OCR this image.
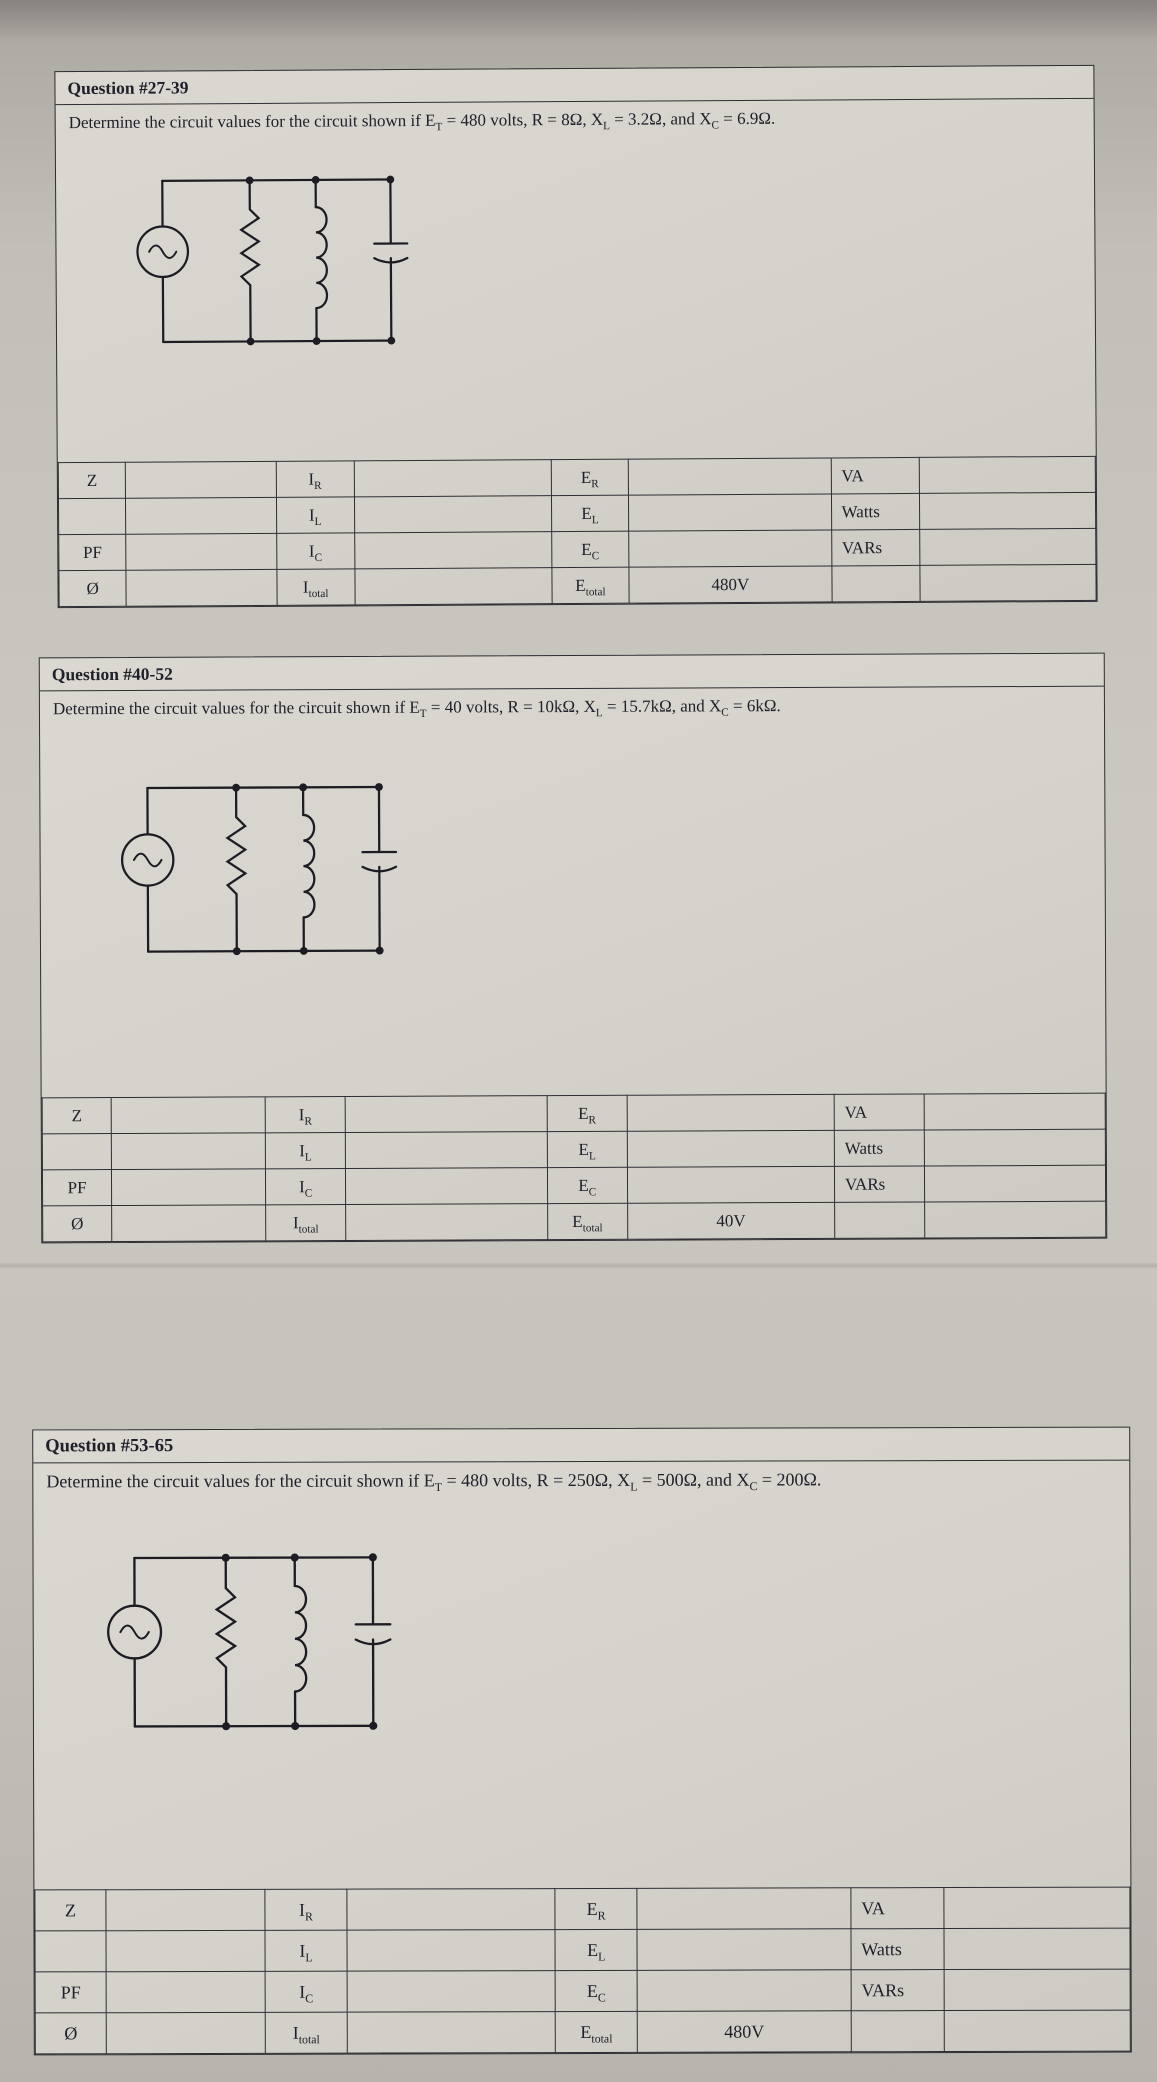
Question #27-39

Determine the circuit values for the circuit shown if $E_T = 480$ volts, R = 8Ω, $X_L = 3.2\Omega$, and $X_C = 6.9\Omega$.

Z		$I_R$		$E_R$		VA	
		$I_L$		$E_L$		Watts	
PF		$I_C$		$E_C$		VARs	
Ø		$I_{total}$		$E_{total}$	480V		
Question #40-52

Determine the circuit values for the circuit shown if $E_T = 40$ volts, R = 10kΩ, $X_L = 15.7k\Omega$, and $X_C = 6k\Omega$.

Z		$I_R$		$E_R$		VA	
		$I_L$		$E_L$		Watts	
PF		$I_C$		$E_C$		VARs	
Ø		$I_{total}$		$E_{total}$	40V		
Question #53-65

Determine the circuit values for the circuit shown if $E_T = 480$ volts, R = 250Ω, $X_L = 500\Omega$, and $X_C = 200\Omega$.

Z		$I_R$		$E_R$		VA	
		$I_L$		$E_L$		Watts	
PF		$I_C$		$E_C$		VARs	
Ø		$I_{total}$		$E_{total}$	480V		
